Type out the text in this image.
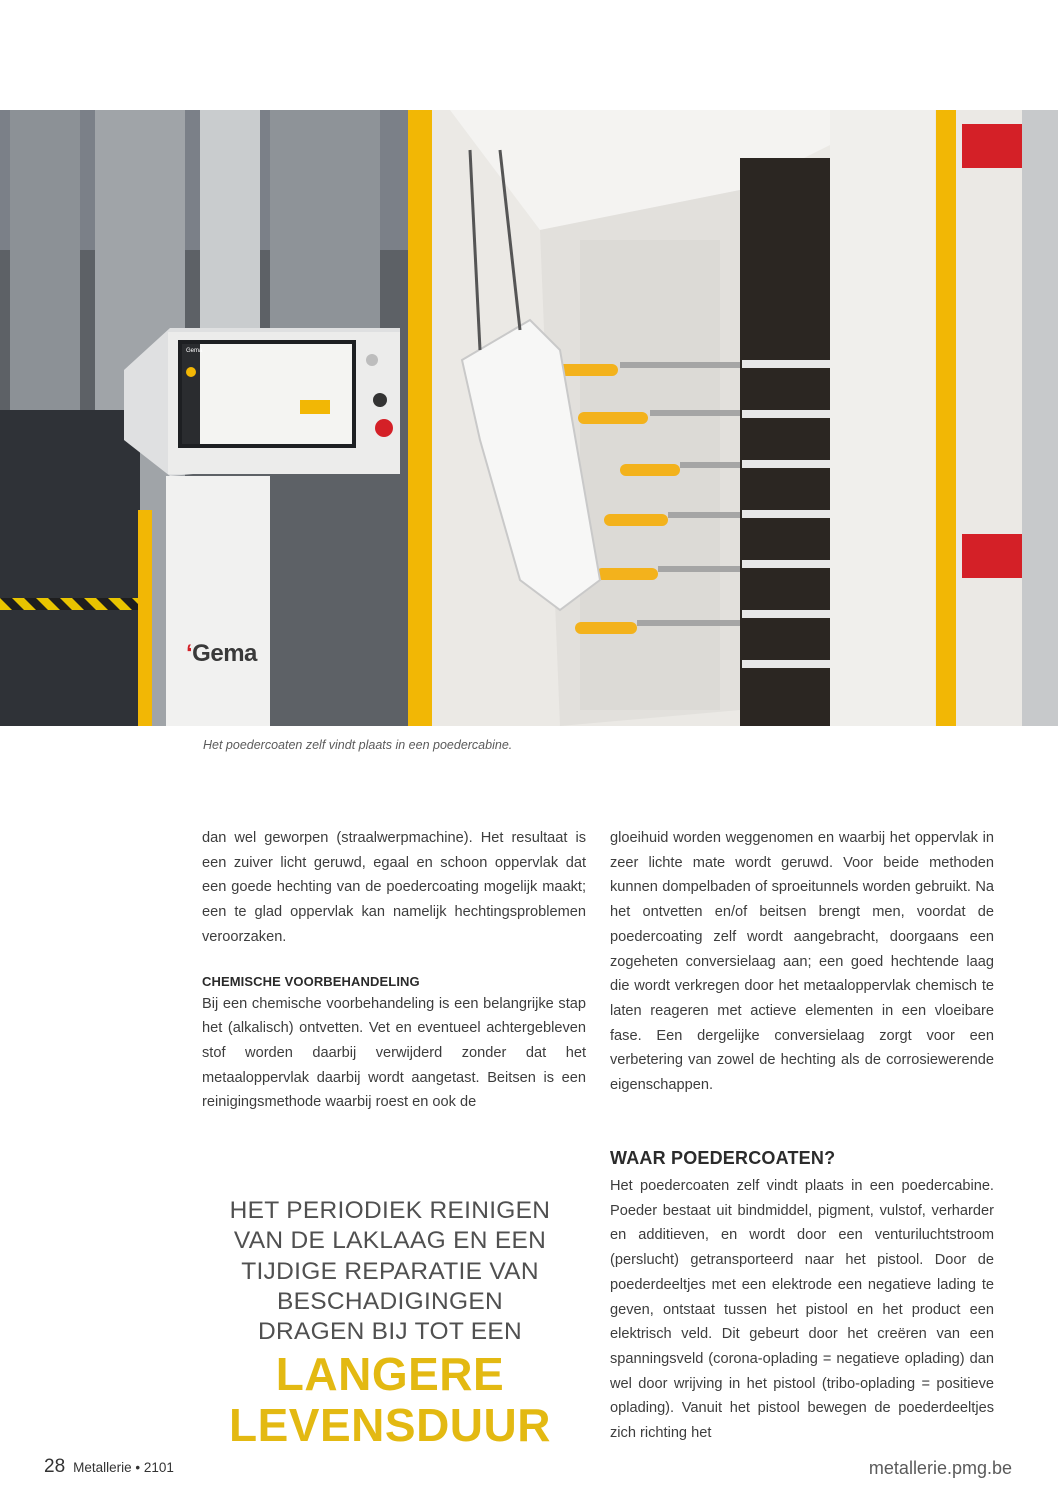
‘Gema
Gema
Het poedercoaten zelf vindt plaats in een poedercabine.

dan wel geworpen (straalwerpmachine). Het resultaat is een zuiver licht geruwd, egaal en schoon oppervlak dat een goede hechting van de poedercoating mogelijk maakt; een te glad oppervlak kan namelijk hechtingsproblemen veroorzaken.

CHEMISCHE VOORBEHANDELING

Bij een chemische voorbehandeling is een belangrijke stap het (alkalisch) ontvetten. Vet en eventueel achtergebleven stof worden daarbij verwijderd zonder dat het metaaloppervlak daarbij wordt aangetast. Beitsen is een reinigingsmethode waarbij roest en ook de

gloeihuid worden weggenomen en waarbij het oppervlak in zeer lichte mate wordt geruwd. Voor beide methoden kunnen dompelbaden of sproeitunnels worden gebruikt. Na het ontvetten en/of beitsen brengt men, voordat de poedercoating zelf wordt aangebracht, doorgaans een zogeheten conversielaag aan; een goed hechtende laag die wordt verkregen door het metaaloppervlak chemisch te laten reageren met actieve elementen in een vloeibare fase. Een dergelijke conversielaag zorgt voor een verbetering van zowel de hechting als de corrosiewerende eigenschappen.

WAAR POEDERCOATEN?

Het poedercoaten zelf vindt plaats in een poedercabine. Poeder bestaat uit bindmiddel, pigment, vulstof, verharder en additieven, en wordt door een venturiluchtstroom (perslucht) getransporteerd naar het pistool. Door de poederdeeltjes met een elektrode een negatieve lading te geven, ontstaat tussen het pistool en het product een elektrisch veld. Dit gebeurt door het creëren van een spanningsveld (corona-oplading = negatieve oplading) dan wel door wrijving in het pistool (tribo-oplading = positieve oplading). Vanuit het pistool bewegen de poederdeeltjes zich richting het

HET PERIODIEK REINIGEN
VAN DE LAKLAAG EN EEN
TIJDIGE REPARATIE VAN
BESCHADIGINGEN
DRAGEN BIJ TOT EEN
LANGERE
LEVENSDUUR
28 Metallerie • 2101	metallerie.pmg.be
